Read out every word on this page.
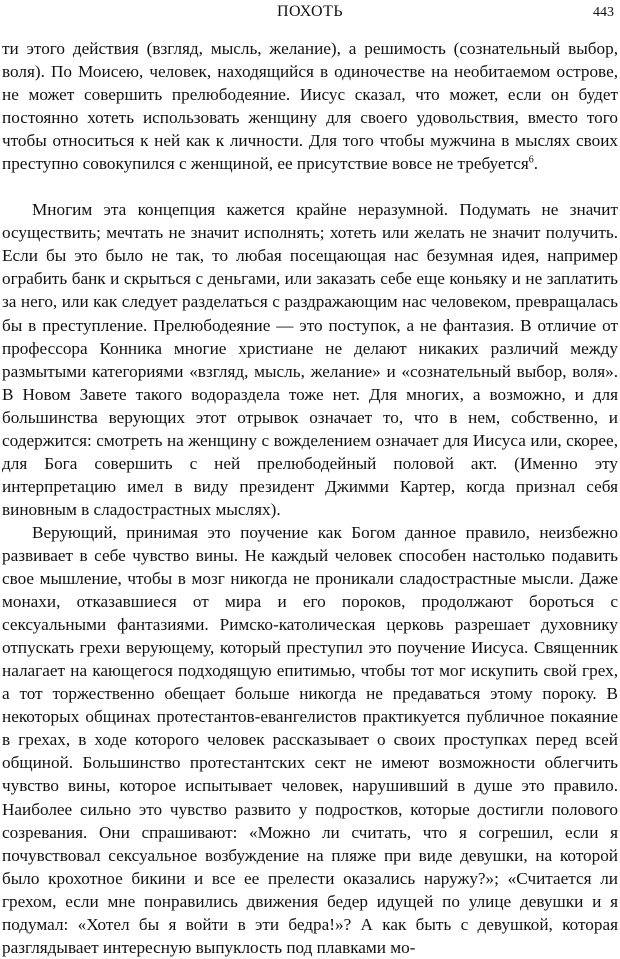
ПОХОТЬ	443

ти этого действия (взгляд, мысль, желание), а решимость (сознательный выбор, воля). По Моисею, человек, находящийся в одиночестве на необитаемом острове, не может совершить прелюбодеяние. Иисус сказал, что может, если он будет постоянно хотеть использовать женщину для своего удовольствия, вместо того чтобы относиться к ней как к личности. Для того чтобы мужчина в мыслях своих преступно совокупился с женщиной, ее присутствие вовсе не требуется$^6$.

Многим эта концепция кажется крайне неразумной. Подумать не значит осуществить; мечтать не значит исполнять; хотеть или желать не значит получить. Если бы это было не так, то любая посещающая нас безумная идея, например ограбить банк и скрыться с деньгами, или заказать себе еще коньяку и не заплатить за него, или как следует разделаться с раздражающим нас человеком, превращалась бы в преступление. Прелюбодеяние — это поступок, а не фантазия. В отличие от профессора Конника многие христиане не делают никаких различий между размытыми категориями «взгляд, мысль, желание» и «сознательный выбор, воля». В Новом Завете такого водораздела тоже нет. Для многих, а возможно, и для большинства верующих этот отрывок означает то, что в нем, собственно, и содержится: смотреть на женщину с вожделением означает для Иисуса или, скорее, для Бога совершить с ней прелюбодейный половой акт. (Именно эту интерпретацию имел в виду президент Джимми Картер, когда признал себя виновным в сладострастных мыслях).

Верующий, принимая это поучение как Богом данное правило, неизбежно развивает в себе чувство вины. Не каждый человек способен настолько подавить свое мышление, чтобы в мозг никогда не проникали сладострастные мысли. Даже монахи, отказавшиеся от мира и его пороков, продолжают бороться с сексуальными фантазиями. Римско-католическая церковь разрешает духовнику отпускать грехи верующему, который преступил это поучение Иисуса. Священник налагает на кающегося подходящую епитимью, чтобы тот мог искупить свой грех, а тот торжественно обещает больше никогда не предаваться этому пороку. В некоторых общинах протестантов-евангелистов практикуется публичное покаяние в грехах, в ходе которого человек рассказывает о своих проступках перед всей общиной. Большинство протестантских сект не имеют возможности облегчить чувство вины, которое испытывает человек, нарушивший в душе это правило. Наиболее сильно это чувство развито у подростков, которые достигли полового созревания. Они спрашивают: «Можно ли считать, что я согрешил, если я почувствовал сексуальное возбуждение на пляже при виде девушки, на которой было крохотное бикини и все ее прелести оказались наружу?»; «Считается ли грехом, если мне понравились движения бедер идущей по улице девушки и я подумал: «Хотел бы я войти в эти бедра!»? А как быть с девушкой, которая разглядывает интересную выпуклость под плавками мо-
